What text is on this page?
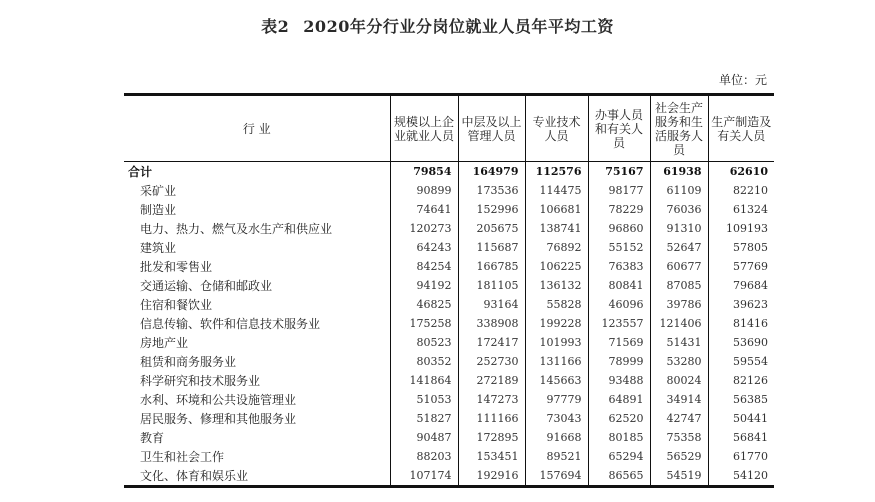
表2 2020年分行业分岗位就业人员年平均工资
单位：元
行 业	规模以上企业就业人员	中层及以上管理人员	专业技术人员	办事人员和有关人员	社会生产服务和生活服务人员	生产制造及有关人员
合计	79854	164979	112576	75167	61938	62610
采矿业	90899	173536	114475	98177	61109	82210
制造业	74641	152996	106681	78229	76036	61324
电力、热力、燃气及水生产和供应业	120273	205675	138741	96860	91310	109193
建筑业	64243	115687	76892	55152	52647	57805
批发和零售业	84254	166785	106225	76383	60677	57769
交通运输、仓储和邮政业	94192	181105	136132	80841	87085	79684
住宿和餐饮业	46825	93164	55828	46096	39786	39623
信息传输、软件和信息技术服务业	175258	338908	199228	123557	121406	81416
房地产业	80523	172417	101993	71569	51431	53690
租赁和商务服务业	80352	252730	131166	78999	53280	59554
科学研究和技术服务业	141864	272189	145663	93488	80024	82126
水利、环境和公共设施管理业	51053	147273	97779	64891	34914	56385
居民服务、修理和其他服务业	51827	111166	73043	62520	42747	50441
教育	90487	172895	91668	80185	75358	56841
卫生和社会工作	88203	153451	89521	65294	56529	61770
文化、体育和娱乐业	107174	192916	157694	86565	54519	54120
